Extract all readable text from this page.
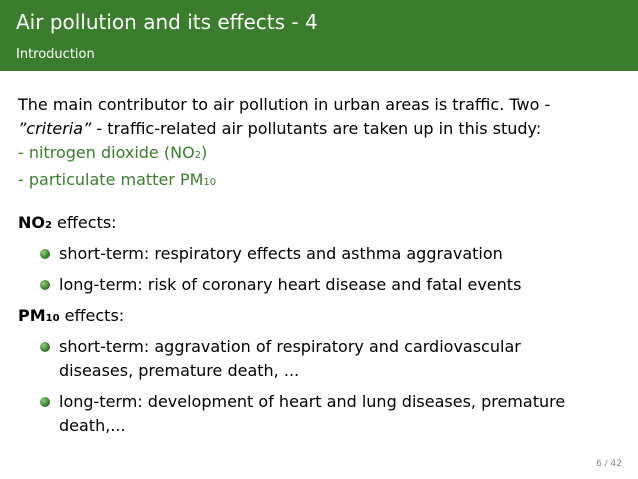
Air pollution and its effects - 4
Introduction
The main contributor to air pollution in urban areas is traffic. Two -
”criteria” - traffic-related air pollutants are taken up in this study:
- nitrogen dioxide (NO2)
- particulate matter PM10
NO2 effects:
short-term: respiratory effects and asthma aggravation
long-term: risk of coronary heart disease and fatal events
PM10 effects:
short-term: aggravation of respiratory and cardiovascular diseases, premature death, ...
long-term: development of heart and lung diseases, premature death,...
6 / 42
